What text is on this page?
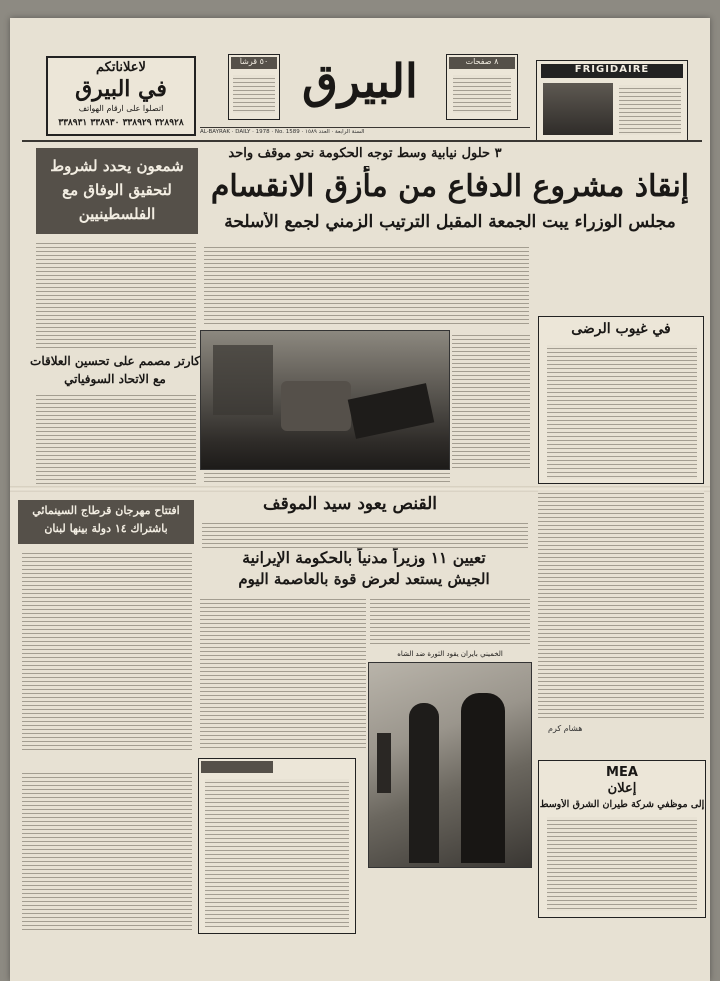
لاعلاناتكم
في البيرق
اتصلوا على ارقام الهواتف
٣٢٨٩٢٨ ٣٣٨٩٢٩ ٣٣٨٩٣٠ ٣٣٨٩٣١
٥٠ قرشاً البيرق	٨ صفحات
FRIGIDAIRE
AL-BAYRAK · DAILY · 1978 · No. 1589 · السنة الرابعة · العدد ١٥٨٩
٣ حلول نيابية وسط توجه الحكومة نحو موقف واحد
إنقاذ مشروع الدفاع من مأزق الانقسام
مجلس الوزراء يبت الجمعة المقبل الترتيب الزمني لجمع الأسلحة
شمعون يحدد لشروط لتحقيق الوفاق مع الفلسطينيين
كارتر مصمم على تحسين العلاقات مع الاتحاد السوفياتي
في غيوب الرضى
القنص يعود سيد الموقف
افتتاح مهرجان قرطاج السينمائي
باشتراك ١٤ دولة بينها لبنان
تعيين ١١ وزيراً مدنياً بالحكومة الإيرانية
الجيش يستعد لعرض قوة بالعاصمة اليوم
هشام كرم
الخميني بايران يقود الثورة ضد الشاه
MEA
إعلان
إلى موظفي شركة طيران الشرق الأوسط
